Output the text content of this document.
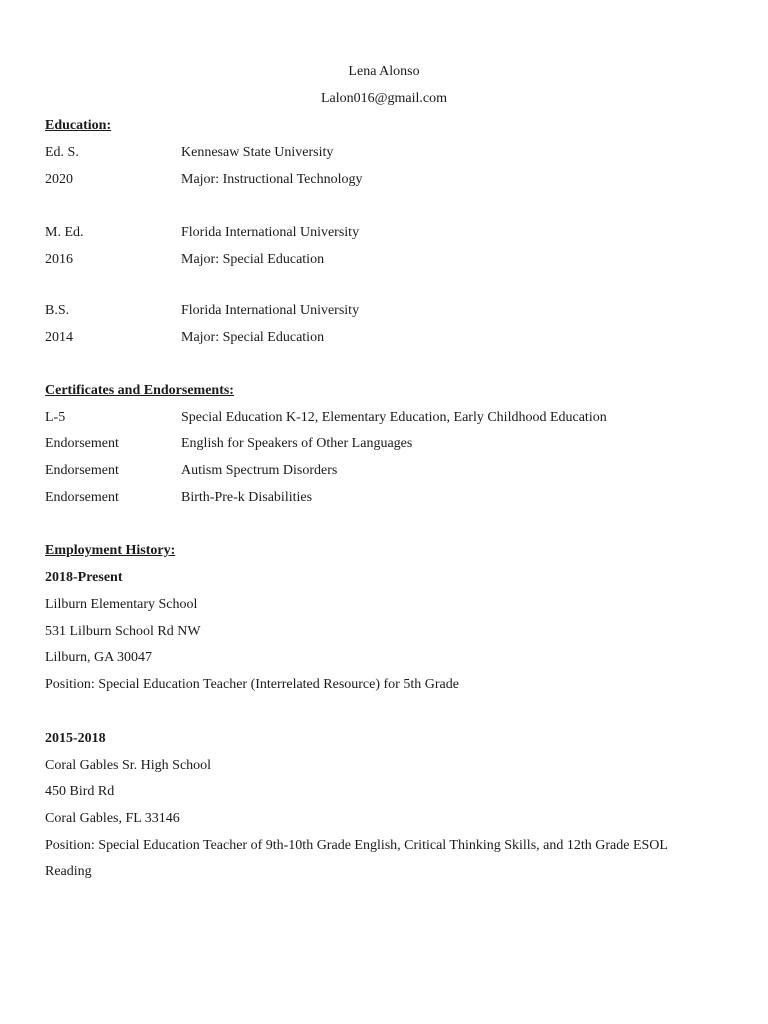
Lena Alonso
Lalon016@gmail.com
Education:
Ed. S.	Kennesaw State University
2020	Major: Instructional Technology
M. Ed.	Florida International University
2016	Major: Special Education
B.S.	Florida International University
2014	Major: Special Education
Certificates and Endorsements:
L-5	Special Education K-12, Elementary Education, Early Childhood Education
Endorsement	English for Speakers of Other Languages
Endorsement	Autism Spectrum Disorders
Endorsement	Birth-Pre-k Disabilities
Employment History:
2018-Present
Lilburn Elementary School
531 Lilburn School Rd NW
Lilburn, GA 30047
Position: Special Education Teacher (Interrelated Resource) for 5th Grade
2015-2018
Coral Gables Sr. High School
450 Bird Rd
Coral Gables, FL 33146
Position: Special Education Teacher of 9th-10th Grade English, Critical Thinking Skills, and 12th Grade ESOL
Reading
